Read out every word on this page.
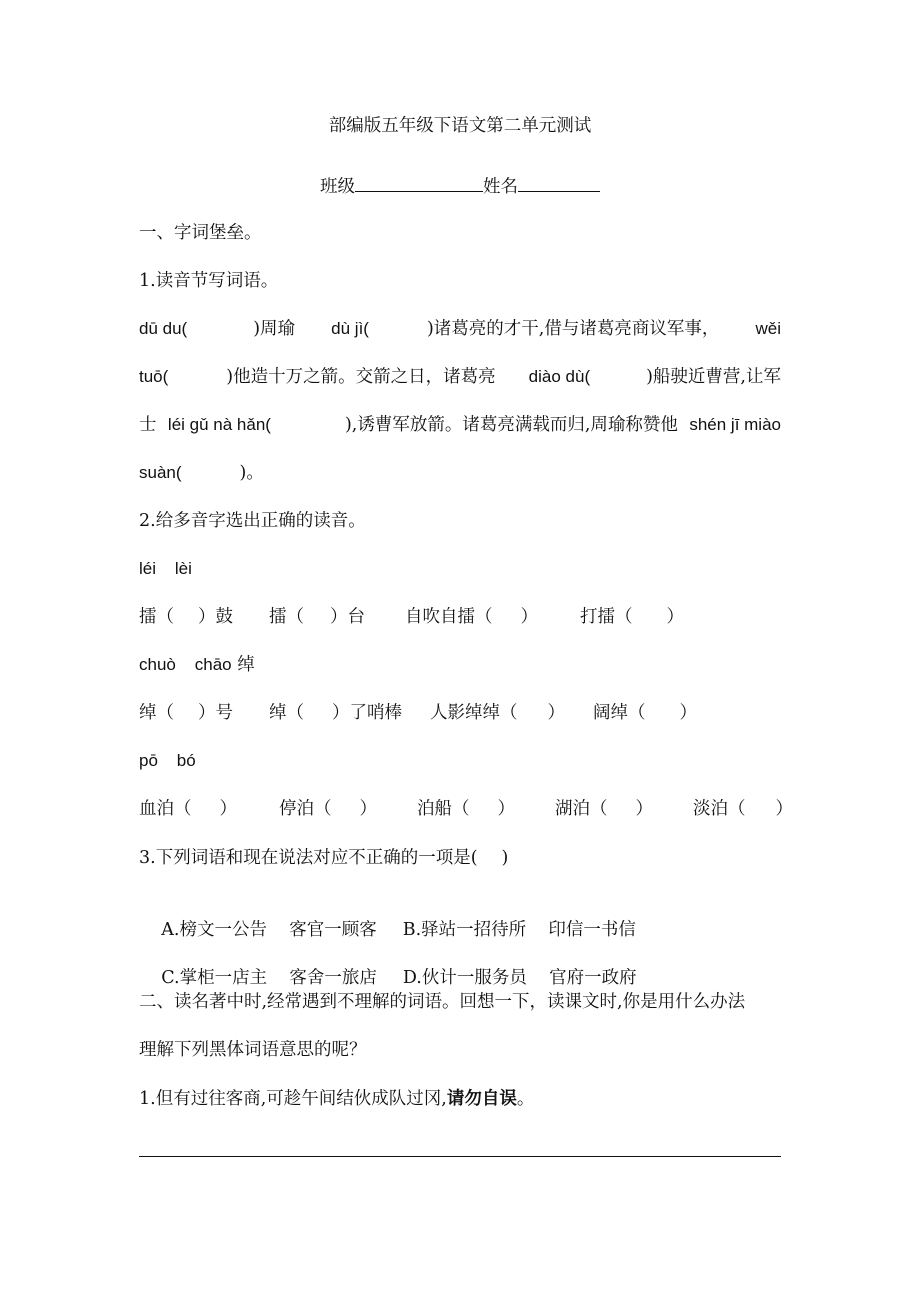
部编版五年级下语文第二单元测试
班级	姓名
一、字词堡垒。
1.读音节写词语。
dū du(	)周瑜 dù jì(	)诸葛亮的才干,借与诸葛亮商议军事， wěi
tuō(	)他造十万之箭。交箭之日，诸葛亮 diào dù(	)船驶近曹营,让军
士 léi gǔ nà hǎn(	),诱曹军放箭。诸葛亮满载而归,周瑜称赞他 shén jī miào
suàn(	)。
2.给多音字选出正确的读音。
léi    lèi
擂（ ）鼓 擂（ ）台 自吹自擂（ ） 打擂（ ）
chuò    chāo 绰
绰（ ）号 绰（ ）了哨棒 人影绰绰（ ） 阔绰（ ）
pō    bó
血泊（ ） 停泊（ ） 泊船（ ） 湖泊（ ） 淡泊（ ）
3.下列词语和现在说法对应不正确的一项是( )

A.榜文一公告    客官一顾客 B.驿站一招待所    印信一书信

C.掌柜一店主    客舍一旅店 D.伙计一服务员    官府一政府

二、读名著中时,经常遇到不理解的词语。回想一下，读课文时,你是用什么办法
理解下列黑体词语意思的呢？
1.但有过往客商,可趁午间结伙成队过冈,请勿自误。
